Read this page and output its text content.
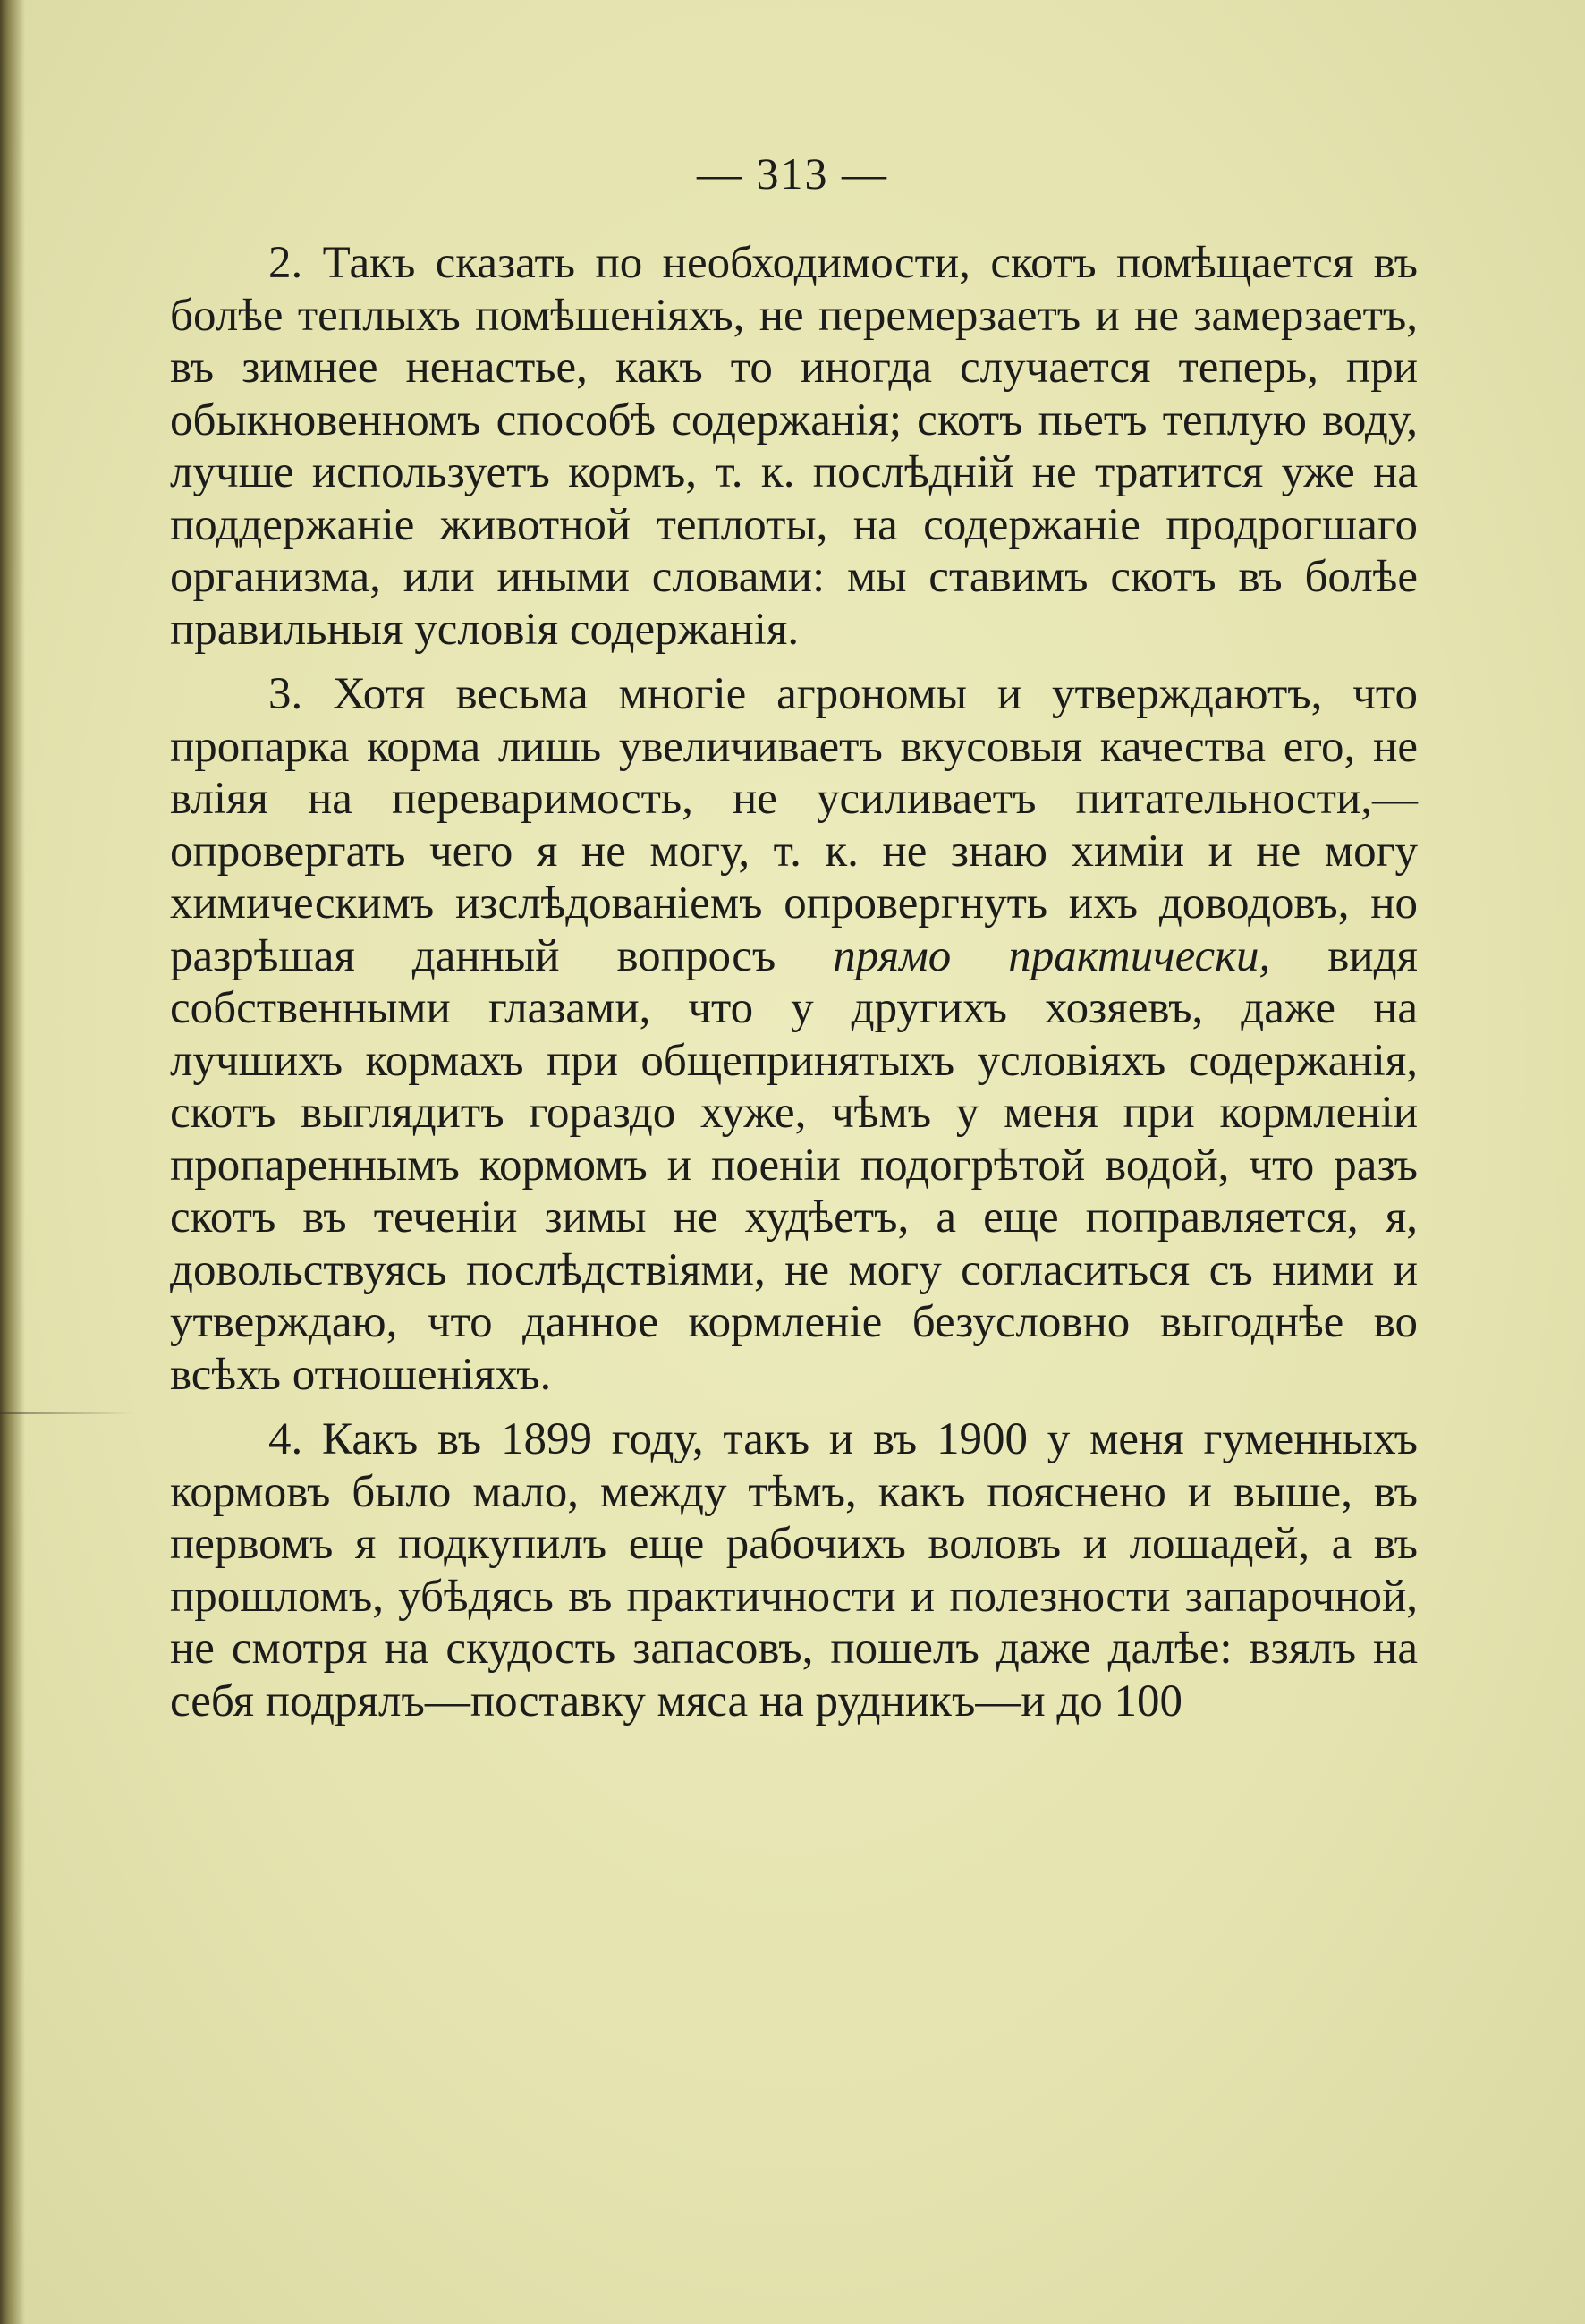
— 313 —

2. Такъ сказать по необходимости, скотъ помѣщается въ болѣе теплыхъ помѣшеніяхъ, не перемерзаетъ и не замерзаетъ, въ зимнее ненастье, какъ то иногда случается теперь, при обыкновенномъ способѣ содержанія; скотъ пьетъ теплую воду, лучше используетъ кормъ, т. к. послѣдній не тратится уже на поддержаніе животной теплоты, на содержаніе продрогшаго организма, или иными словами: мы ставимъ скотъ въ болѣе правильныя условія содержанія.

3. Хотя весьма многіе агрономы и утверждаютъ, что пропарка корма лишь увеличиваетъ вкусовыя качества его, не вліяя на переваримость, не усиливаетъ питательности,—опровергать чего я не могу, т. к. не знаю химіи и не могу химическимъ изслѣдованіемъ опровергнуть ихъ доводовъ, но разрѣшая данный вопросъ прямо практически, видя собственными глазами, что у другихъ хозяевъ, даже на лучшихъ кормахъ при общепринятыхъ условіяхъ содержанія, скотъ выглядитъ гораздо хуже, чѣмъ у меня при кормленіи пропареннымъ кормомъ и поеніи подогрѣтой водой, что разъ скотъ въ теченіи зимы не худѣетъ, а еще поправляется, я, довольствуясь послѣдствіями, не могу согласиться съ ними и утверждаю, что данное кормленіе безусловно выгоднѣе во всѣхъ отношеніяхъ.

4. Какъ въ 1899 году, такъ и въ 1900 у меня гуменныхъ кормовъ было мало, между тѣмъ, какъ пояснено и выше, въ первомъ я подкупилъ еще рабочихъ воловъ и лошадей, а въ прошломъ, убѣдясь въ практичности и полезности запарочной, не смотря на скудость запасовъ, пошелъ даже далѣе: взялъ на себя подрялъ—поставку мяса на рудникъ—и до 100
